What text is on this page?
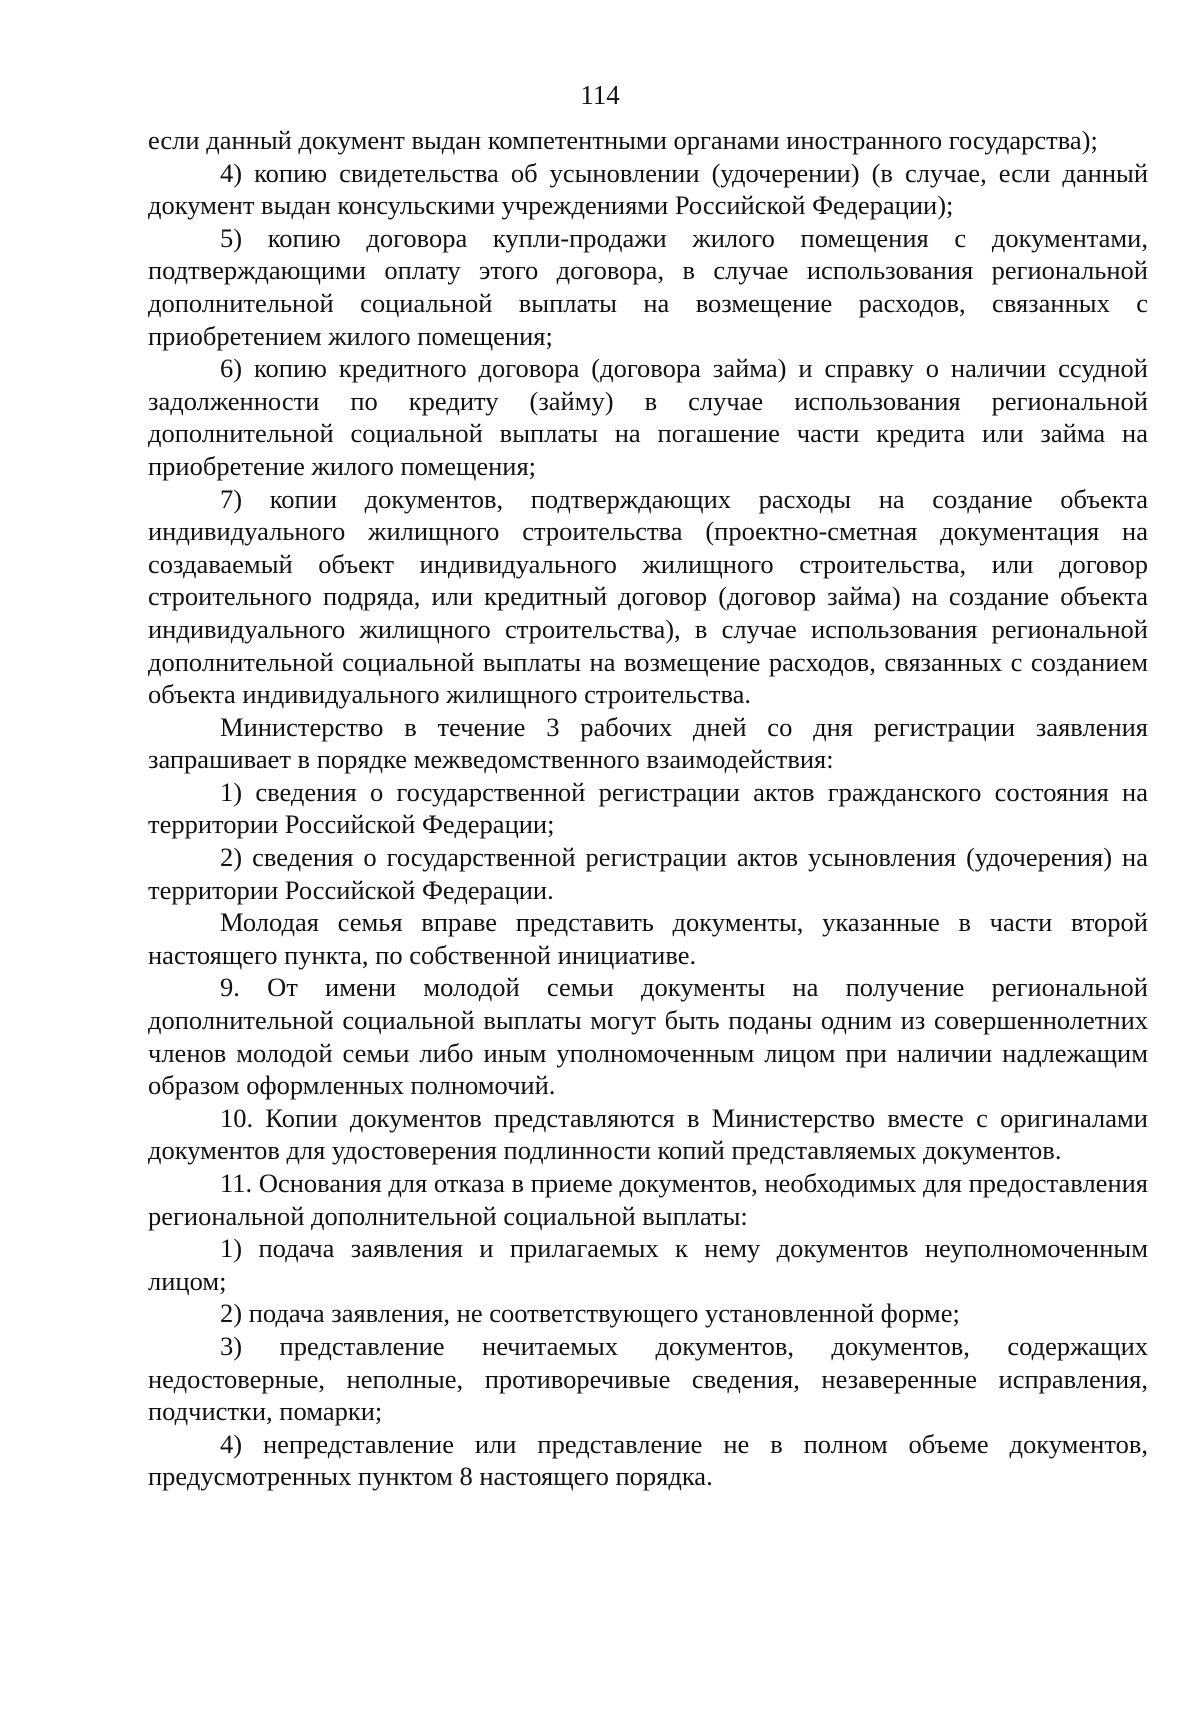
114

если данный документ выдан компетентными органами иностранного государства);

4) копию свидетельства об усыновлении (удочерении) (в случае, если данный документ выдан консульскими учреждениями Российской Федерации);

5) копию договора купли-продажи жилого помещения с документами, подтверждающими оплату этого договора, в случае использования региональной дополнительной социальной выплаты на возмещение расходов, связанных с приобретением жилого помещения;

6) копию кредитного договора (договора займа) и справку о наличии ссудной задолженности по кредиту (займу) в случае использования региональной дополнительной социальной выплаты на погашение части кредита или займа на приобретение жилого помещения;

7) копии документов, подтверждающих расходы на создание объекта индивидуального жилищного строительства (проектно-сметная документация на создаваемый объект индивидуального жилищного строительства, или договор строительного подряда, или кредитный договор (договор займа) на создание объекта индивидуального жилищного строительства), в случае использования региональной дополнительной социальной выплаты на возмещение расходов, связанных с созданием объекта индивидуального жилищного строительства.

Министерство в течение 3 рабочих дней со дня регистрации заявления запрашивает в порядке межведомственного взаимодействия:

1) сведения о государственной регистрации актов гражданского состояния на территории Российской Федерации;

2) сведения о государственной регистрации актов усыновления (удочерения) на территории Российской Федерации.

Молодая семья вправе представить документы, указанные в части второй настоящего пункта, по собственной инициативе.

9. От имени молодой семьи документы на получение региональной дополнительной социальной выплаты могут быть поданы одним из совершеннолетних членов молодой семьи либо иным уполномоченным лицом при наличии надлежащим образом оформленных полномочий.

10. Копии документов представляются в Министерство вместе с оригиналами документов для удостоверения подлинности копий представляемых документов.

11. Основания для отказа в приеме документов, необходимых для предоставления региональной дополнительной социальной выплаты:

1) подача заявления и прилагаемых к нему документов неуполномоченным лицом;

2) подача заявления, не соответствующего установленной форме;

3) представление нечитаемых документов, документов, содержащих недостоверные, неполные, противоречивые сведения, незаверенные исправления, подчистки, помарки;

4) непредставление или представление не в полном объеме документов, предусмотренных пунктом 8 настоящего порядка.
